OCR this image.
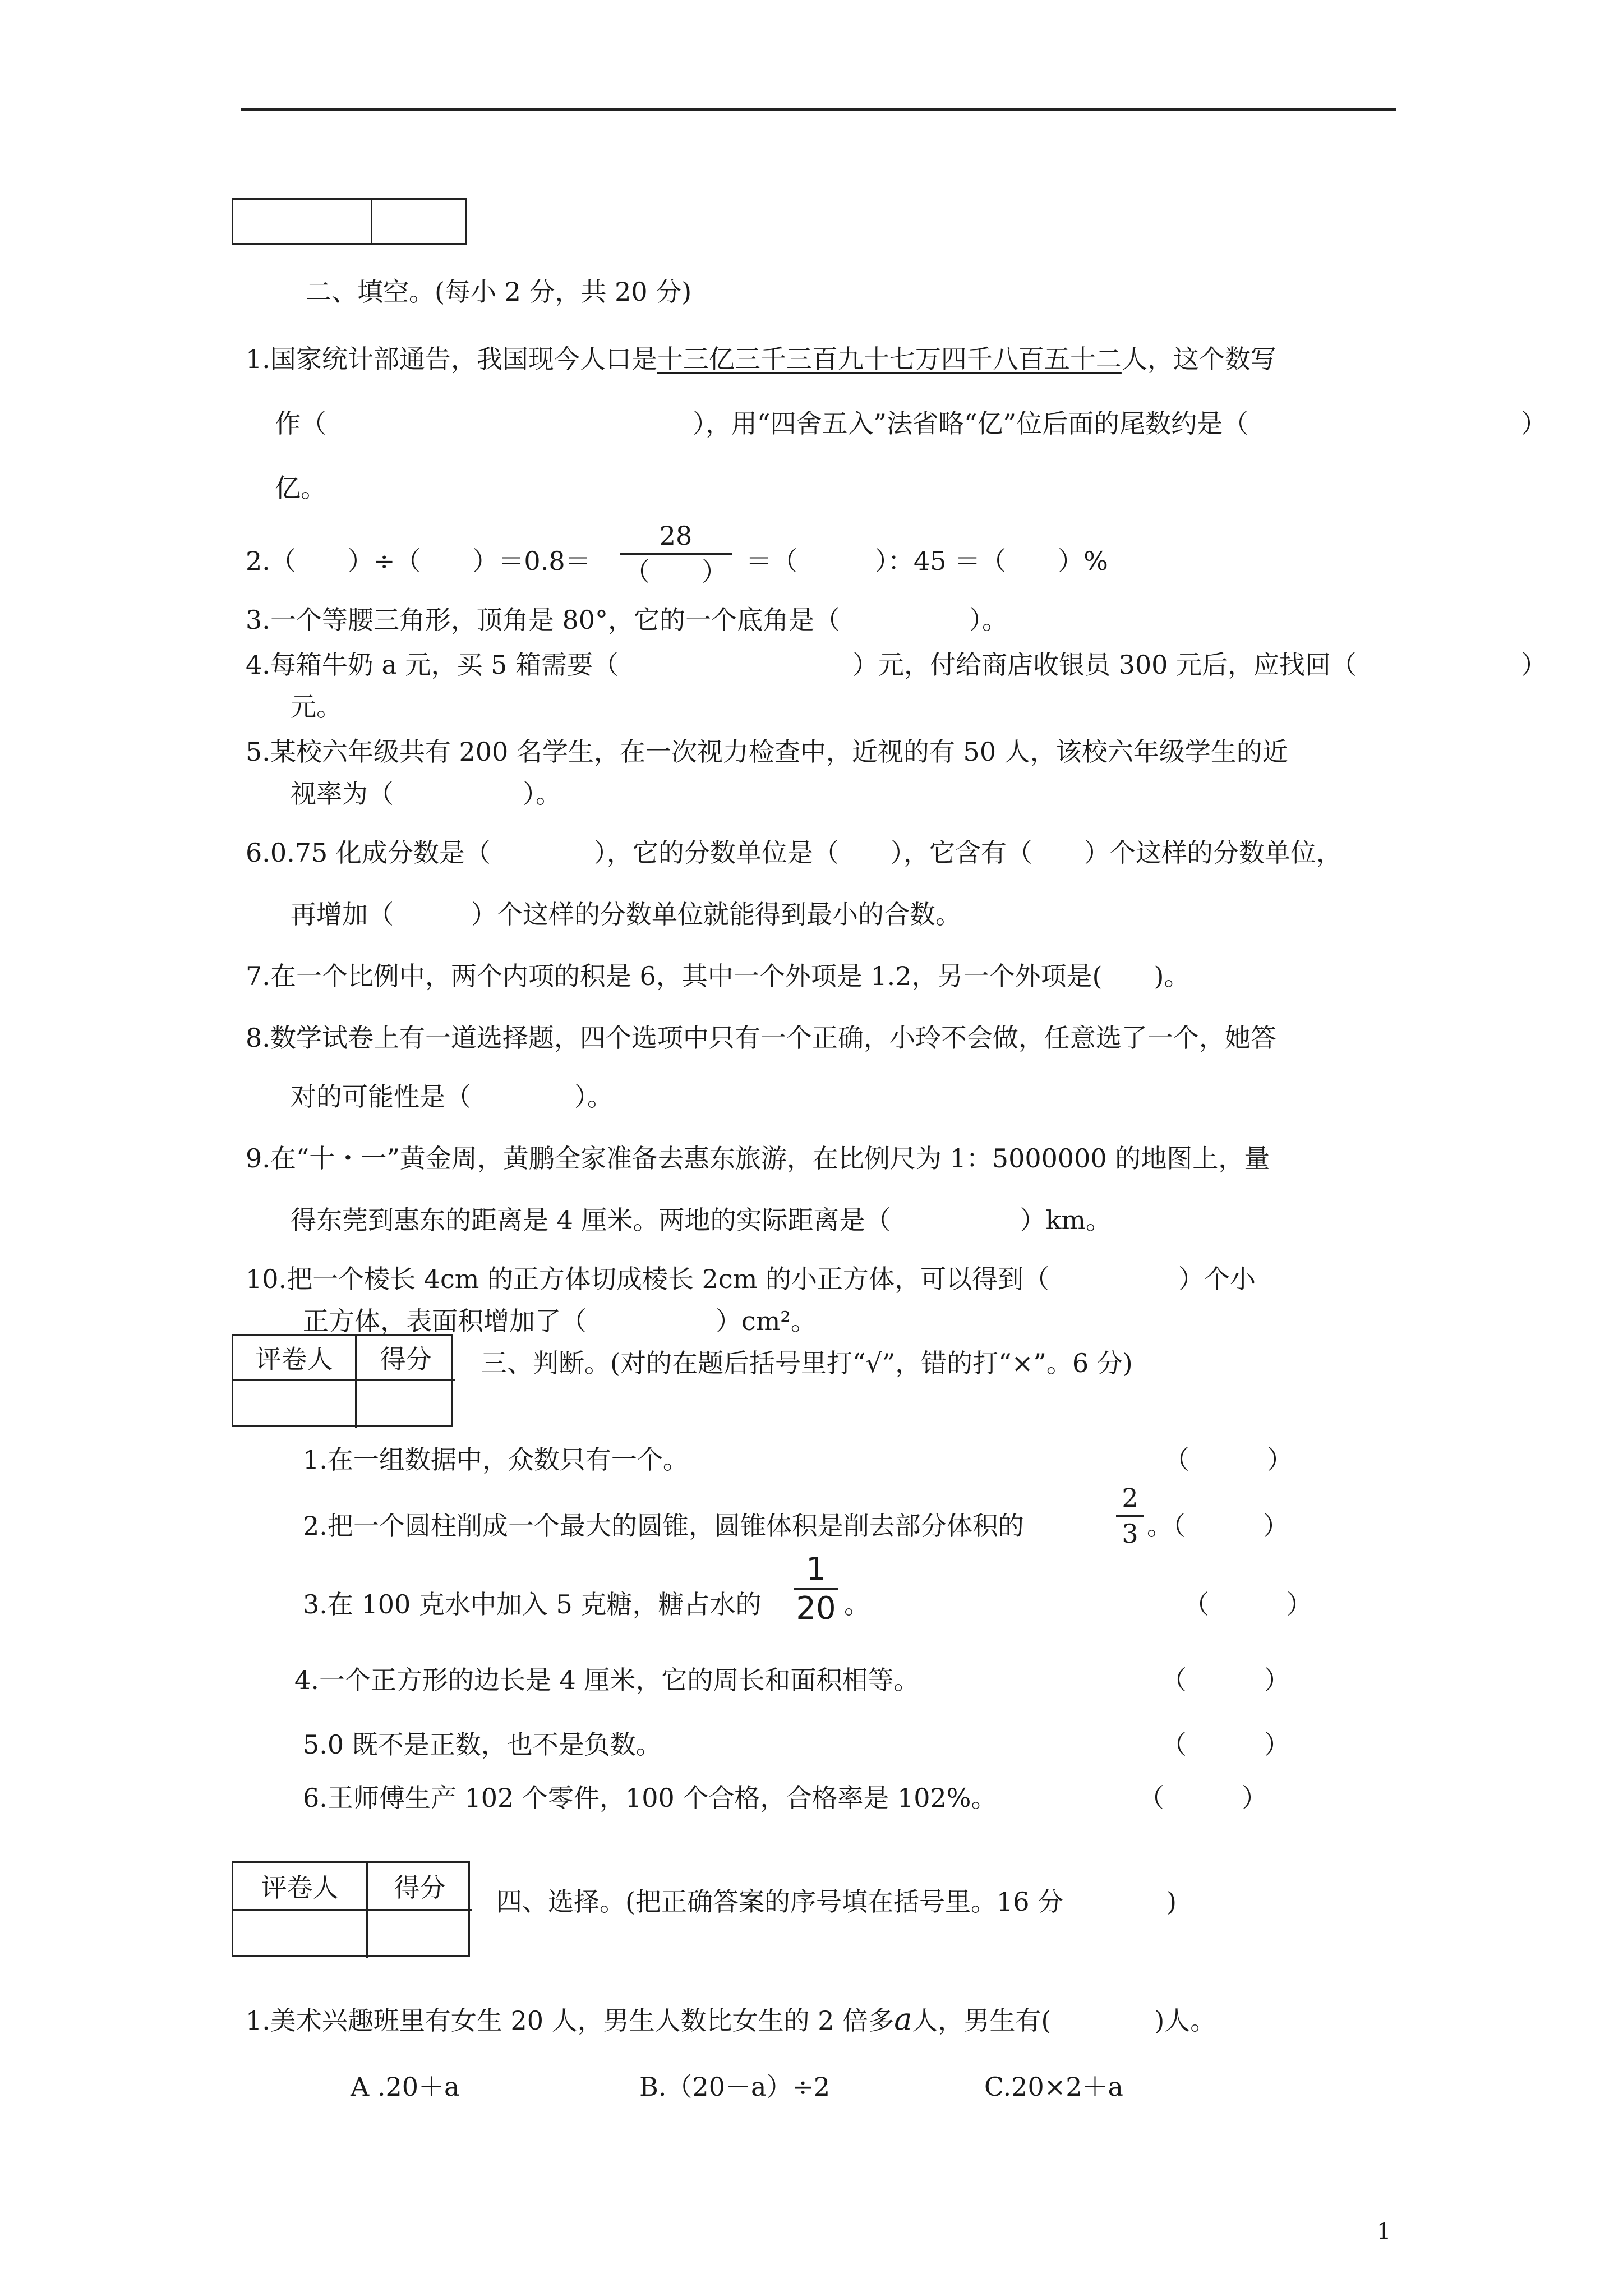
二、填空。(每小 2 分，共 20 分)
1.国家统计部通告，我国现今人口是十三亿三千三百九十七万四千八百五十二人，这个数写
作（	），用“四舍五入”法省略“亿”位后面的尾数约是（	）
亿。
2.（　　）÷（　　）$=0.8= \frac{28}{( )}$ ＝（　　　）：45 ＝（　　）%
3.一个等腰三角形，顶角是 80°，它的一个底角是（　　　　　）。
4.每箱牛奶 a 元，买 5 箱需要（	）元，付给商店收银员 300 元后，应找回（	）
元。
5.某校六年级共有 200 名学生，在一次视力检查中，近视的有 50 人，该校六年级学生的近
视率为（　　　　　）。
6.0.75 化成分数是（　　　　），它的分数单位是（　　），它含有（　　）个这样的分数单位，
再增加（　　　）个这样的分数单位就能得到最小的合数。
7.在一个比例中，两个内项的积是 6，其中一个外项是 1.2，另一个外项是(　　)。
8.数学试卷上有一道选择题，四个选项中只有一个正确，小玲不会做，任意选了一个，她答
对的可能性是（　　　　）。
9.在“十・一”黄金周，黄鹏全家准备去惠东旅游，在比例尺为 1：5000000 的地图上，量
得东莞到惠东的距离是 4 厘米。两地的实际距离是（　　　　　）km。
10.把一个棱长 4cm 的正方体切成棱长 2cm 的小正方体，可以得到（　　　　　）个小
正方体，表面积增加了（　　　　　）cm²。
评卷人	得分	三、判断。(对的在题后括号里打“√”，错的打“×”。6 分)
1.在一组数据中，众数只有一个。	（　　　）
2.把一个圆柱削成一个最大的圆锥，圆锥体积是削去部分体积的	$\frac{2}{3}$ 。（　　　）
3.在 100 克水中加入 5 克糖，糖占水的 $\frac{1}{20}$ 。	（　　　）
4.一个正方形的边长是 4 厘米，它的周长和面积相等。	（　　　）
5.0 既不是正数，也不是负数。	（　　　）
6.王师傅生产 102 个零件，100 个合格，合格率是 102%。	（　　　）
评卷人	得分	四、选择。(把正确答案的序号填在括号里。16 分　　　　)
1.美术兴趣班里有女生 20 人，男生人数比女生的 2 倍多a人，男生有(　　　　)人。
A .20＋a	B.（20－a）÷2	C.20×2＋a
1
